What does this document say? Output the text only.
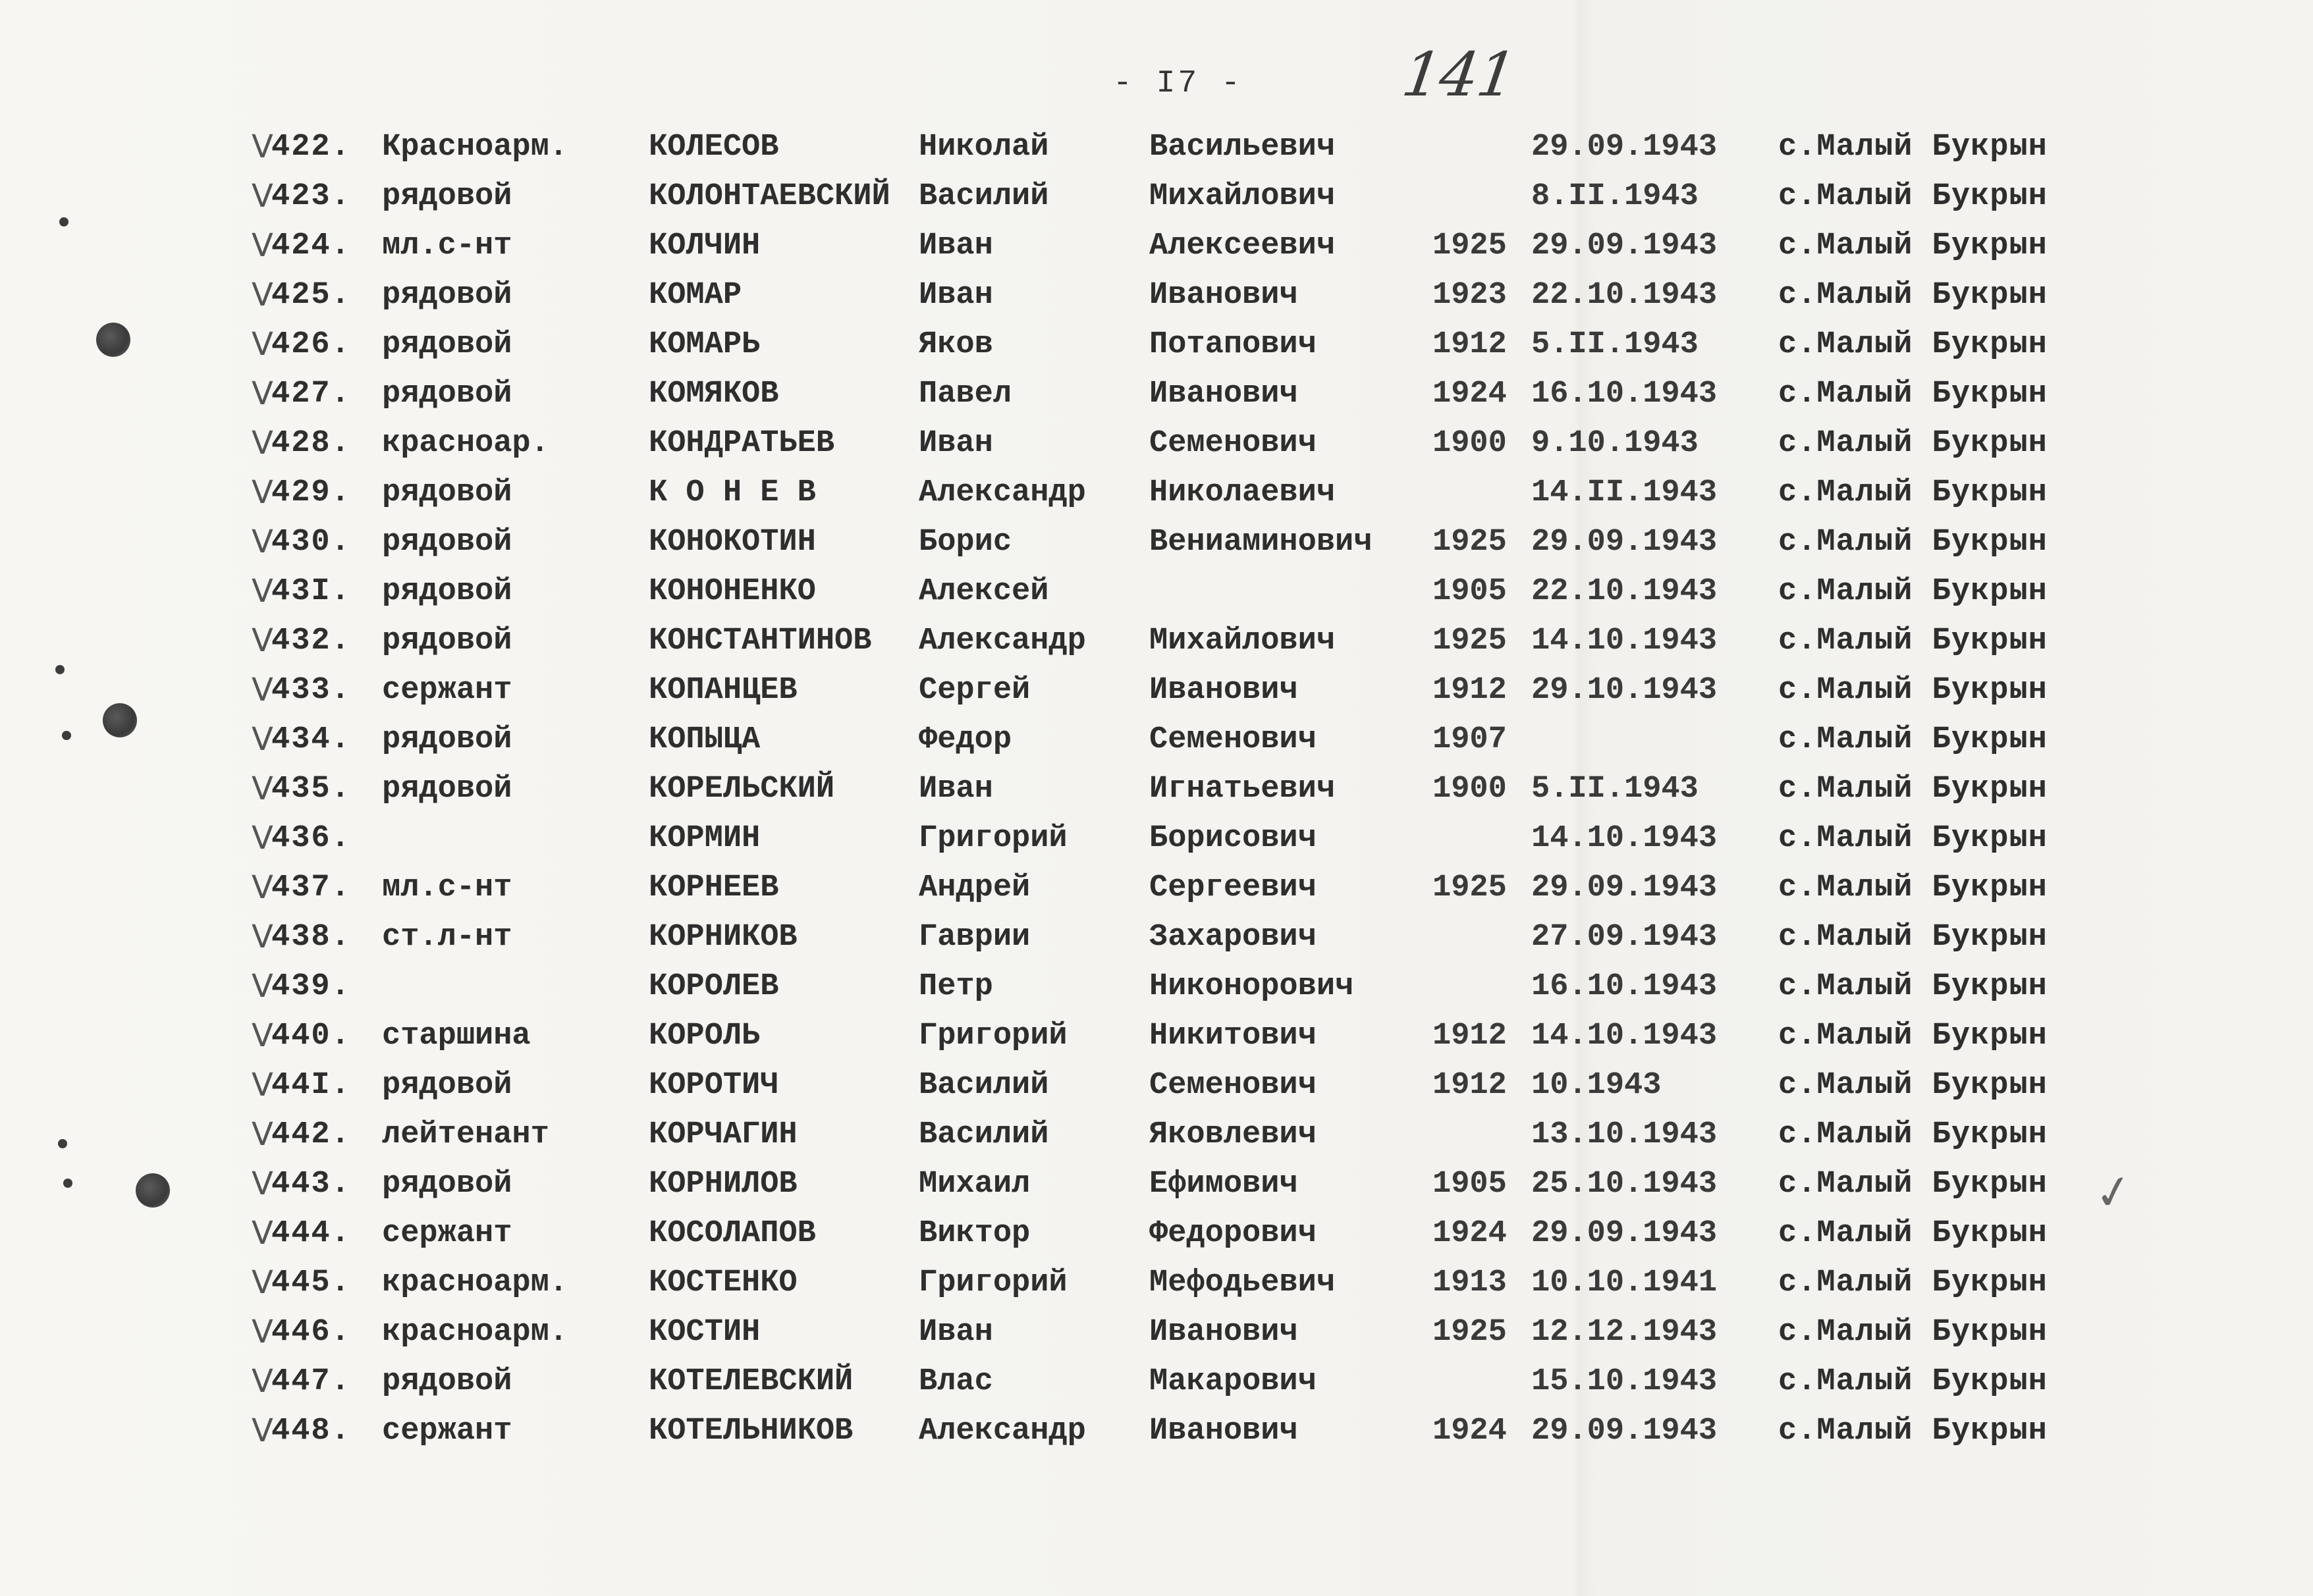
- I7 -	141
V
422. Красноарм.	КОЛЕСОВ	Николай	Васильевич	29.09.1943 с.Малый Букрын
V
423. рядовой	КОЛОНТАЕВСКИЙ Василий	Михайлович	8.II.1943	с.Малый Букрын
V
424. мл.с-нт	КОЛЧИН	Иван	Алексеевич	1925 29.09.1943 с.Малый Букрын
V
425. рядовой	КОМАР	Иван	Иванович	1923 22.10.1943 с.Малый Букрын
V
426. рядовой	КОМАРЬ	Яков	Потапович	1912 5.II.1943	с.Малый Букрын
V
427. рядовой	КОМЯКОВ	Павел	Иванович	1924 16.10.1943 с.Малый Букрын
V
428. красноар.	КОНДРАТЬЕВ	Иван	Семенович	1900 9.10.1943	с.Малый Букрын
V
429. рядовой	К О Н Е В	Александр Николаевич	14.II.1943 с.Малый Букрын
V
430. рядовой	КОНОКОТИН	Борис	Вениаминович 1925 29.09.1943 с.Малый Букрын
V
43I. рядовой	КОНОНЕНКО	Алексей	1905 22.10.1943 с.Малый Букрын
V
432. рядовой	КОНСТАНТИНОВ Александр Михайлович	1925 14.10.1943 с.Малый Букрын
V
433. сержант	КОПАНЦЕВ	Сергей	Иванович	1912 29.10.1943 с.Малый Букрын
V
434. рядовой	КОПЫЦА	Федор	Семенович	1907	с.Малый Букрын
V
435. рядовой	КОРЕЛЬСКИЙ	Иван	Игнатьевич	1900 5.II.1943	с.Малый Букрын
V
436.	КОРМИН	Григорий	Борисович	14.10.1943 с.Малый Букрын
V
437. мл.с-нт	КОРНЕЕВ	Андрей	Сергеевич	1925 29.09.1943 с.Малый Букрын
V
438. ст.л-нт	КОРНИКОВ	Гаврии	Захарович	27.09.1943 с.Малый Букрын
V
439.	КОРОЛЕВ	Петр	Никонорович	16.10.1943 с.Малый Букрын
V
440. старшина	КОРОЛЬ	Григорий	Никитович	1912 14.10.1943 с.Малый Букрын
V
44I. рядовой	КОРОТИЧ	Василий	Семенович	1912 10.1943	с.Малый Букрын
V
442. лейтенант	КОРЧАГИН	Василий	Яковлевич	13.10.1943 с.Малый Букрын
V
443. рядовой	КОРНИЛОВ	Михаил	Ефимович	1905 25.10.1943 с.Малый Букрын
V
444. сержант	КОСОЛАПОВ	Виктор	Федорович	1924 29.09.1943 с.Малый Букрын
V
445. красноарм.	КОСТЕНКО	Григорий	Мефодьевич	1913 10.10.1941 с.Малый Букрын
V
446. красноарм.	КОСТИН	Иван	Иванович	1925 12.12.1943 с.Малый Букрын
V
447. рядовой	КОТЕЛЕВСКИЙ Влас	Макарович	15.10.1943 с.Малый Букрын
V
448. сержант	КОТЕЛЬНИКОВ Александр Иванович	1924 29.09.1943 с.Малый Букрын
✓
